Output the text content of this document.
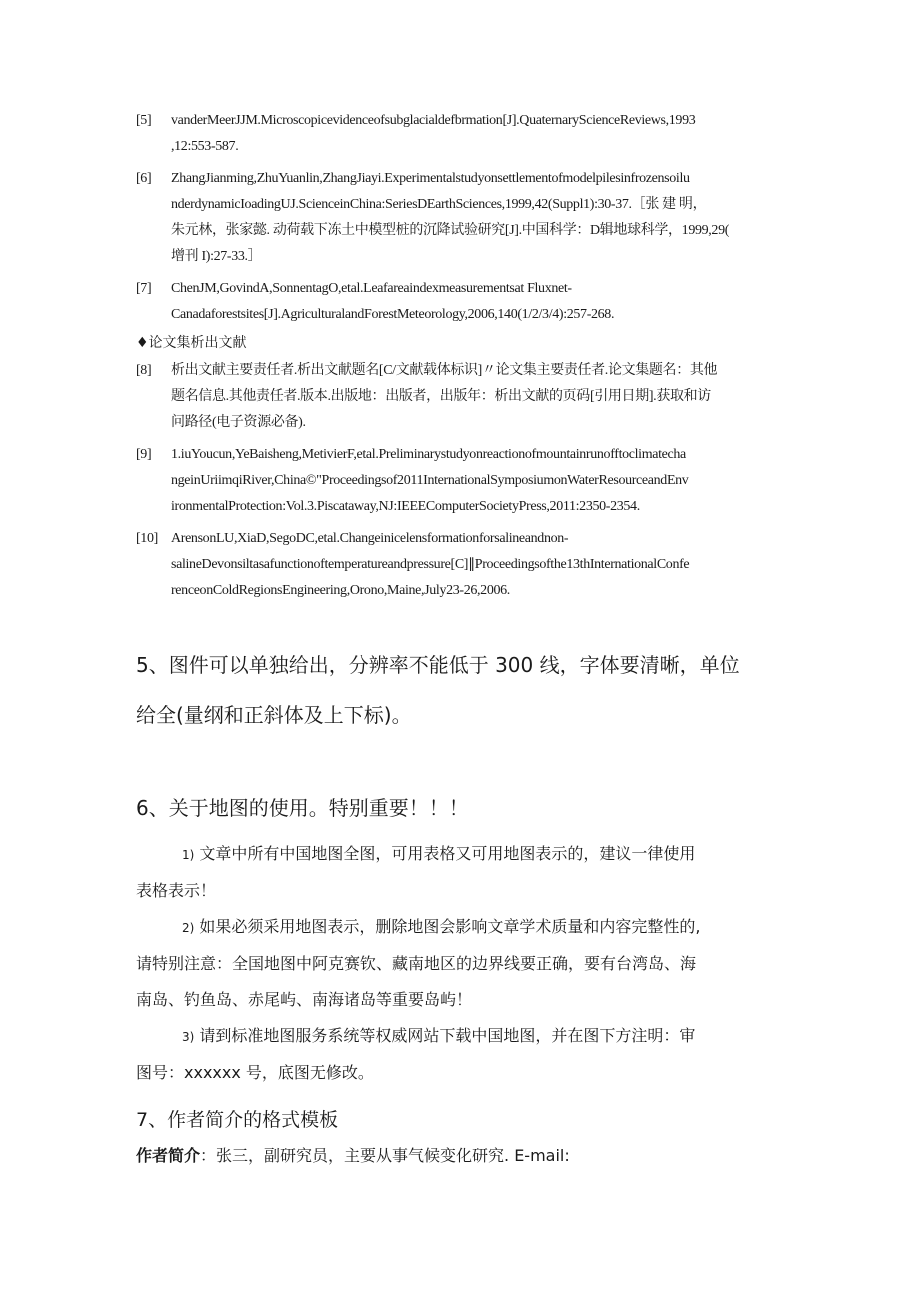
[5] vanderMeerJJM.Microscopicevidenceofsubglacialdefbrmation[J].QuaternaryScienceReviews,1993
,12:553-587.
[6] ZhangJianming,ZhuYuanlin,ZhangJiayi.Experimentalstudyonsettlementofmodelpilesinfrozensoilu
nderdynamicIoadingUJ.ScienceinChina:SeriesDEarthSciences,1999,42(Suppl1):30-37.［张 建 明，
朱元林，张家懿. 动荷载下冻土中模型桩的沉降试验研究[J].中国科学：D辑地球科学，1999,29(
增刊 I):27-33.］
[7] ChenJM,GovindA,SonnentagO,etal.Leafareaindexmeasurementsat Fluxnet-
Canadaforestsites[J].AgriculturalandForestMeteorology,2006,140(1/2/3/4):257-268.
♦论文集析出文献
[8] 析出文献主要责任者.析出文献题名[C/文献载体标识]〃论文集主要责任者.论文集题名：其他
题名信息.其他责任者.版本.出版地：出版者，出版年：析出文献的页码[引用日期].获取和访
问路径(电子资源必备).
[9] 1.iuYoucun,YeBaisheng,MetivierF,etal.Preliminarystudyonreactionofmountainrunofftoclimatecha
ngeinUriimqiRiver,China©"Proceedingsof2011InternationalSymposiumonWaterResourceandEnv
ironmentalProtection:Vol.3.Piscataway,NJ:IEEEComputerSocietyPress,2011:2350-2354.
[10] ArensonLU,XiaD,SegoDC,etal.Changeinicelensformationforsalineandnon-
salineDevonsiltasafunctionoftemperatureandpressure[C]∥Proceedingsofthe13thInternationalConfe
renceonColdRegionsEngineering,Orono,Maine,July23-26,2006.
5、图件可以单独给出，分辨率不能低于 300 线，字体要清晰，单位
给全(量纲和正斜体及上下标)。
6、关于地图的使用。特别重要！！！

1) 文章中所有中国地图全图，可用表格又可用地图表示的，建议一律使用
表格表示！

2) 如果必须采用地图表示，删除地图会影响文章学术质量和内容完整性的,
请特别注意：全国地图中阿克赛钦、藏南地区的边界线要正确，要有台湾岛、海
南岛、钓鱼岛、赤尾屿、南海诸岛等重要岛屿！

3) 请到标准地图服务系统等权威网站下载中国地图，并在图下方注明：审
图号：xxxxxx 号，底图无修改。

7、作者简介的格式模板
作者简介：张三，副研究员，主要从事气候变化研究. E-mail:
